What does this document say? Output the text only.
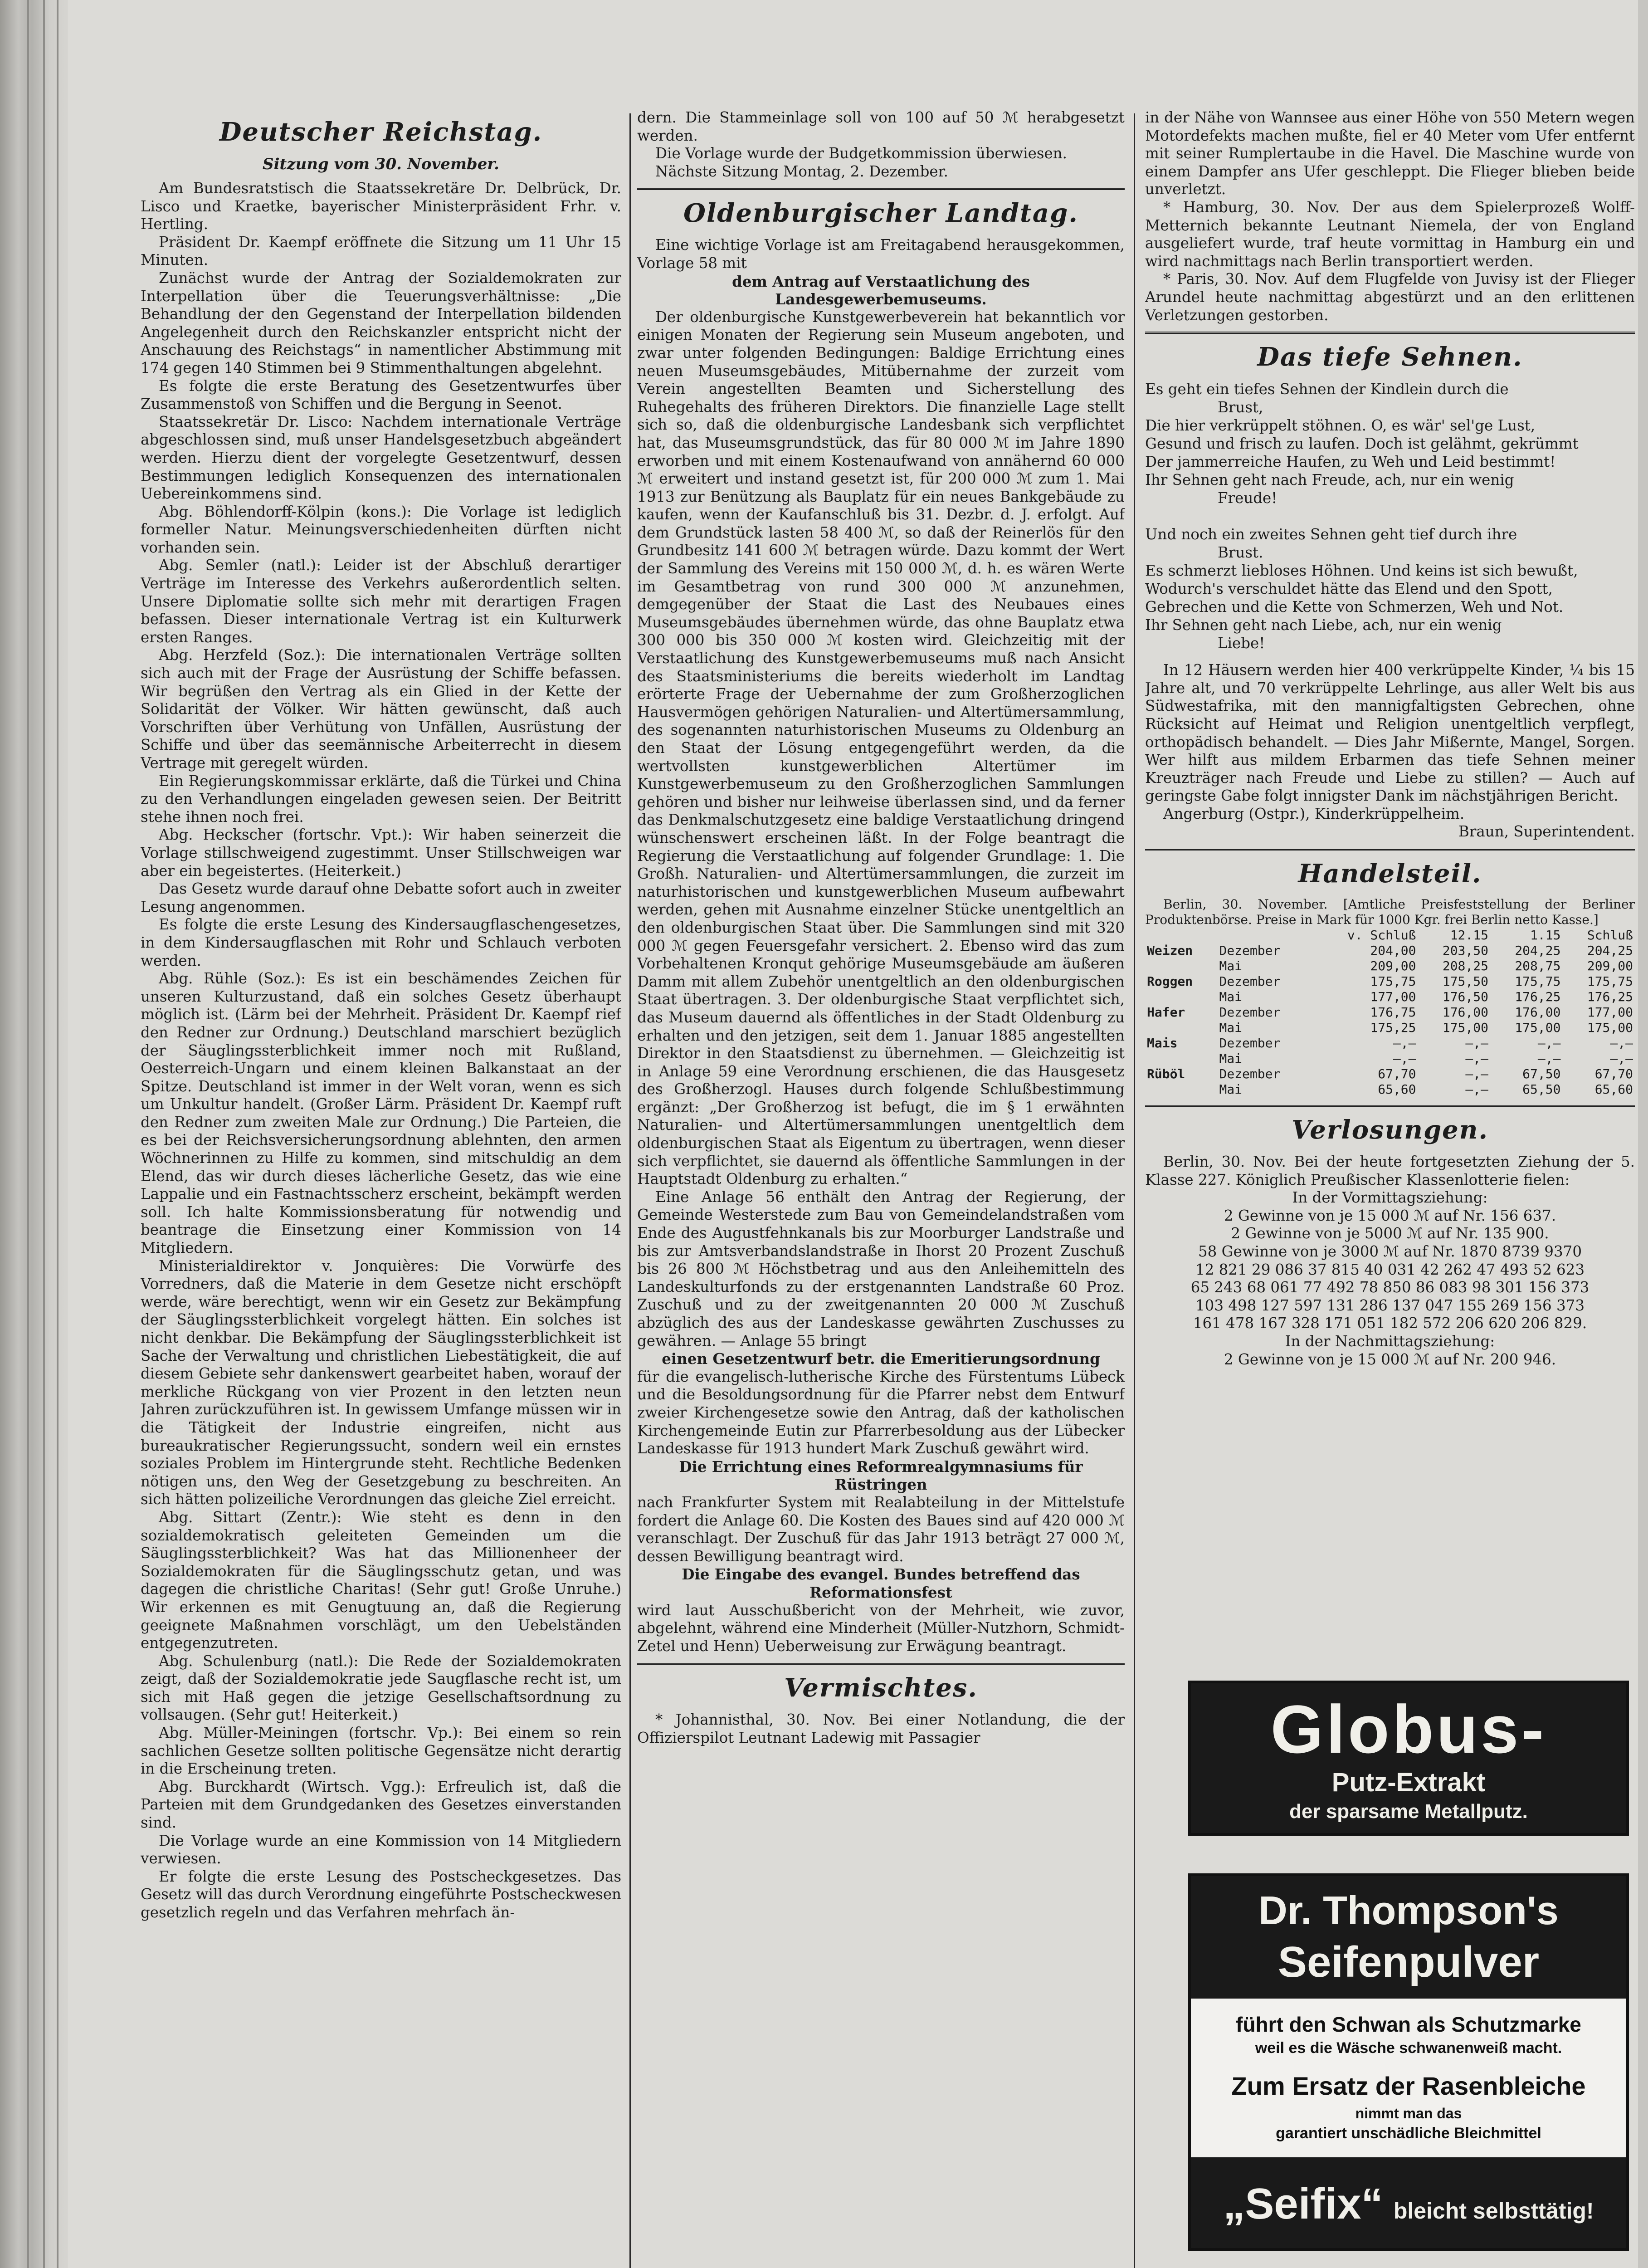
Deutscher Reichstag.
Sitzung vom 30. November.

Am Bundesratstisch die Staatssekretäre Dr. Delbrück, Dr. Lisco und Kraetke, bayerischer Ministerpräsident Frhr. v. Hertling.

Präsident Dr. Kaempf eröffnete die Sitzung um 11 Uhr 15 Minuten.

Zunächst wurde der Antrag der Sozialdemokraten zur Interpellation über die Teuerungsverhältnisse: „Die Behandlung der den Gegenstand der Interpellation bildenden Angelegenheit durch den Reichskanzler entspricht nicht der Anschauung des Reichstags“ in namentlicher Abstimmung mit 174 gegen 140 Stimmen bei 9 Stimmenthaltungen abgelehnt.

Es folgte die erste Beratung des Gesetzentwurfes über Zusammenstoß von Schiffen und die Bergung in Seenot.

Staatssekretär Dr. Lisco: Nachdem internationale Verträge abgeschlossen sind, muß unser Handelsgesetzbuch abgeändert werden. Hierzu dient der vorgelegte Gesetzentwurf, dessen Bestimmungen lediglich Konsequenzen des internationalen Uebereinkommens sind.

Abg. Böhlendorff-Kölpin (kons.): Die Vorlage ist lediglich formeller Natur. Meinungsverschiedenheiten dürften nicht vorhanden sein.

Abg. Semler (natl.): Leider ist der Abschluß derartiger Verträge im Interesse des Verkehrs außerordentlich selten. Unsere Diplomatie sollte sich mehr mit derartigen Fragen befassen. Dieser internationale Vertrag ist ein Kulturwerk ersten Ranges.

Abg. Herzfeld (Soz.): Die internationalen Verträge sollten sich auch mit der Frage der Ausrüstung der Schiffe befassen. Wir begrüßen den Vertrag als ein Glied in der Kette der Solidarität der Völker. Wir hätten gewünscht, daß auch Vorschriften über Verhütung von Unfällen, Ausrüstung der Schiffe und über das seemännische Arbeiterrecht in diesem Vertrage mit geregelt würden.

Ein Regierungskommissar erklärte, daß die Türkei und China zu den Verhandlungen eingeladen gewesen seien. Der Beitritt stehe ihnen noch frei.

Abg. Heckscher (fortschr. Vpt.): Wir haben seinerzeit die Vorlage stillschweigend zugestimmt. Unser Stillschweigen war aber ein begeistertes. (Heiterkeit.)

Das Gesetz wurde darauf ohne Debatte sofort auch in zweiter Lesung angenommen.

Es folgte die erste Lesung des Kindersaugflaschengesetzes, in dem Kindersaugflaschen mit Rohr und Schlauch verboten werden.

Abg. Rühle (Soz.): Es ist ein beschämendes Zeichen für unseren Kulturzustand, daß ein solches Gesetz überhaupt möglich ist. (Lärm bei der Mehrheit. Präsident Dr. Kaempf rief den Redner zur Ordnung.) Deutschland marschiert bezüglich der Säuglingssterblichkeit immer noch mit Rußland, Oesterreich-Ungarn und einem kleinen Balkanstaat an der Spitze. Deutschland ist immer in der Welt voran, wenn es sich um Unkultur handelt. (Großer Lärm. Präsident Dr. Kaempf ruft den Redner zum zweiten Male zur Ordnung.) Die Parteien, die es bei der Reichsversicherungsordnung ablehnten, den armen Wöchnerinnen zu Hilfe zu kommen, sind mitschuldig an dem Elend, das wir durch dieses lächerliche Gesetz, das wie eine Lappalie und ein Fastnachtsscherz erscheint, bekämpft werden soll. Ich halte Kommissionsberatung für notwendig und beantrage die Einsetzung einer Kommission von 14 Mitgliedern.

Ministerialdirektor v. Jonquières: Die Vorwürfe des Vorredners, daß die Materie in dem Gesetze nicht erschöpft werde, wäre berechtigt, wenn wir ein Gesetz zur Bekämpfung der Säuglingssterblichkeit vorgelegt hätten. Ein solches ist nicht denkbar. Die Bekämpfung der Säuglingssterblichkeit ist Sache der Verwaltung und christlichen Liebestätigkeit, die auf diesem Gebiete sehr dankenswert gearbeitet haben, worauf der merkliche Rückgang von vier Prozent in den letzten neun Jahren zurückzuführen ist. In gewissem Umfange müssen wir in die Tätigkeit der Industrie eingreifen, nicht aus bureaukratischer Regierungssucht, sondern weil ein ernstes soziales Problem im Hintergrunde steht. Rechtliche Bedenken nötigen uns, den Weg der Gesetzgebung zu beschreiten. An sich hätten polizeiliche Verordnungen das gleiche Ziel erreicht.

Abg. Sittart (Zentr.): Wie steht es denn in den sozialdemokratisch geleiteten Gemeinden um die Säuglingssterblichkeit? Was hat das Millionenheer der Sozialdemokraten für die Säuglingsschutz getan, und was dagegen die christliche Charitas! (Sehr gut! Große Unruhe.) Wir erkennen es mit Genugtuung an, daß die Regierung geeignete Maßnahmen vorschlägt, um den Uebelständen entgegenzutreten.

Abg. Schulenburg (natl.): Die Rede der Sozialdemokraten zeigt, daß der Sozialdemokratie jede Saugflasche recht ist, um sich mit Haß gegen die jetzige Gesellschaftsordnung zu vollsaugen. (Sehr gut! Heiterkeit.)

Abg. Müller-Meiningen (fortschr. Vp.): Bei einem so rein sachlichen Gesetze sollten politische Gegensätze nicht derartig in die Erscheinung treten.

Abg. Burckhardt (Wirtsch. Vgg.): Erfreulich ist, daß die Parteien mit dem Grundgedanken des Gesetzes einverstanden sind.

Die Vorlage wurde an eine Kommission von 14 Mitgliedern verwiesen.

Er folgte die erste Lesung des Postscheckgesetzes. Das Gesetz will das durch Verordnung eingeführte Postscheckwesen gesetzlich regeln und das Verfahren mehrfach än-

dern. Die Stammeinlage soll von 100 auf 50 ℳ herabgesetzt werden.

Die Vorlage wurde der Budgetkommission überwiesen.

Nächste Sitzung Montag, 2. Dezember.

Oldenburgischer Landtag.

Eine wichtige Vorlage ist am Freitagabend herausgekommen, Vorlage 58 mit

dem Antrag auf Verstaatlichung des Landesgewerbemuseums.

Der oldenburgische Kunstgewerbeverein hat bekanntlich vor einigen Monaten der Regierung sein Museum angeboten, und zwar unter folgenden Bedingungen: Baldige Errichtung eines neuen Museumsgebäudes, Mitübernahme der zurzeit vom Verein angestellten Beamten und Sicherstellung des Ruhegehalts des früheren Direktors. Die finanzielle Lage stellt sich so, daß die oldenburgische Landesbank sich verpflichtet hat, das Museumsgrundstück, das für 80 000 ℳ im Jahre 1890 erworben und mit einem Kostenaufwand von annähernd 60 000 ℳ erweitert und instand gesetzt ist, für 200 000 ℳ zum 1. Mai 1913 zur Benützung als Bauplatz für ein neues Bankgebäude zu kaufen, wenn der Kaufanschluß bis 31. Dezbr. d. J. erfolgt. Auf dem Grundstück lasten 58 400 ℳ, so daß der Reinerlös für den Grundbesitz 141 600 ℳ betragen würde. Dazu kommt der Wert der Sammlung des Vereins mit 150 000 ℳ, d. h. es wären Werte im Gesamtbetrag von rund 300 000 ℳ anzunehmen, demgegenüber der Staat die Last des Neubaues eines Museumsgebäudes übernehmen würde, das ohne Bauplatz etwa 300 000 bis 350 000 ℳ kosten wird. Gleichzeitig mit der Verstaatlichung des Kunstgewerbemuseums muß nach Ansicht des Staatsministeriums die bereits wiederholt im Landtag erörterte Frage der Uebernahme der zum Großherzoglichen Hausvermögen gehörigen Naturalien- und Altertümersammlung, des sogenannten naturhistorischen Museums zu Oldenburg an den Staat der Lösung entgegengeführt werden, da die wertvollsten kunstgewerblichen Altertümer im Kunstgewerbemuseum zu den Großherzoglichen Sammlungen gehören und bisher nur leihweise überlassen sind, und da ferner das Denkmalschutzgesetz eine baldige Verstaatlichung dringend wünschenswert erscheinen läßt. In der Folge beantragt die Regierung die Verstaatlichung auf folgender Grundlage: 1. Die Großh. Naturalien- und Altertümersammlungen, die zurzeit im naturhistorischen und kunstgewerblichen Museum aufbewahrt werden, gehen mit Ausnahme einzelner Stücke unentgeltlich an den oldenburgischen Staat über. Die Sammlungen sind mit 320 000 ℳ gegen Feuersgefahr versichert. 2. Ebenso wird das zum Vorbehaltenen Kronqut gehörige Museumsgebäude am äußeren Damm mit allem Zubehör unentgeltlich an den oldenburgischen Staat übertragen. 3. Der oldenburgische Staat verpflichtet sich, das Museum dauernd als öffentliches in der Stadt Oldenburg zu erhalten und den jetzigen, seit dem 1. Januar 1885 angestellten Direktor in den Staatsdienst zu übernehmen. — Gleichzeitig ist in Anlage 59 eine Verordnung erschienen, die das Hausgesetz des Großherzogl. Hauses durch folgende Schlußbestimmung ergänzt: „Der Großherzog ist befugt, die im § 1 erwähnten Naturalien- und Altertümersammlungen unentgeltlich dem oldenburgischen Staat als Eigentum zu übertragen, wenn dieser sich verpflichtet, sie dauernd als öffentliche Sammlungen in der Hauptstadt Oldenburg zu erhalten.“

Eine Anlage 56 enthält den Antrag der Regierung, der Gemeinde Westerstede zum Bau von Gemeindelandstraßen vom Ende des Augustfehnkanals bis zur Moorburger Landstraße und bis zur Amtsverbandslandstraße in Ihorst 20 Prozent Zuschuß bis 26 800 ℳ Höchstbetrag und aus den Anleihemitteln des Landeskulturfonds zu der erstgenannten Landstraße 60 Proz. Zuschuß und zu der zweitgenannten 20 000 ℳ Zuschuß abzüglich des aus der Landeskasse gewährten Zuschusses zu gewähren. — Anlage 55 bringt

einen Gesetzentwurf betr. die Emeritierungsordnung

für die evangelisch-lutherische Kirche des Fürstentums Lübeck und die Besoldungsordnung für die Pfarrer nebst dem Entwurf zweier Kirchengesetze sowie den Antrag, daß der katholischen Kirchengemeinde Eutin zur Pfarrerbesoldung aus der Lübecker Landeskasse für 1913 hundert Mark Zuschuß gewährt wird.

Die Errichtung eines Reformrealgymnasiums für Rüstringen

nach Frankfurter System mit Realabteilung in der Mittelstufe fordert die Anlage 60. Die Kosten des Baues sind auf 420 000 ℳ veranschlagt. Der Zuschuß für das Jahr 1913 beträgt 27 000 ℳ, dessen Bewilligung beantragt wird.

Die Eingabe des evangel. Bundes betreffend das Reformationsfest

wird laut Ausschußbericht von der Mehrheit, wie zuvor, abgelehnt, während eine Minderheit (Müller-Nutzhorn, Schmidt-Zetel und Henn) Ueberweisung zur Erwägung beantragt.

Vermischtes.

* Johannisthal, 30. Nov. Bei einer Notlandung, die der Offizierspilot Leutnant Ladewig mit Passagier

in der Nähe von Wannsee aus einer Höhe von 550 Metern wegen Motordefekts machen mußte, fiel er 40 Meter vom Ufer entfernt mit seiner Rumplertaube in die Havel. Die Maschine wurde von einem Dampfer ans Ufer geschleppt. Die Flieger blieben beide unverletzt.

* Hamburg, 30. Nov. Der aus dem Spielerprozeß Wolff-Metternich bekannte Leutnant Niemela, der von England ausgeliefert wurde, traf heute vormittag in Hamburg ein und wird nachmittags nach Berlin transportiert werden.

* Paris, 30. Nov. Auf dem Flugfelde von Juvisy ist der Flieger Arundel heute nachmittag abgestürzt und an den erlittenen Verletzungen gestorben.

Das tiefe Sehnen.

Es geht ein tiefes Sehnen der Kindlein durch die

Brust,

Die hier verkrüppelt stöhnen. O, es wär' sel'ge Lust,

Gesund und frisch zu laufen. Doch ist gelähmt, gekrümmt

Der jammerreiche Haufen, zu Weh und Leid bestimmt!

Ihr Sehnen geht nach Freude, ach, nur ein wenig

Freude!

Und noch ein zweites Sehnen geht tief durch ihre

Brust.

Es schmerzt liebloses Höhnen. Und keins ist sich bewußt,

Wodurch's verschuldet hätte das Elend und den Spott,

Gebrechen und die Kette von Schmerzen, Weh und Not.

Ihr Sehnen geht nach Liebe, ach, nur ein wenig

Liebe!

In 12 Häusern werden hier 400 verkrüppelte Kinder, ¼ bis 15 Jahre alt, und 70 verkrüppelte Lehrlinge, aus aller Welt bis aus Südwestafrika, mit den mannigfaltigsten Gebrechen, ohne Rücksicht auf Heimat und Religion unentgeltlich verpflegt, orthopädisch behandelt. — Dies Jahr Mißernte, Mangel, Sorgen. Wer hilft aus mildem Erbarmen das tiefe Sehnen meiner Kreuzträger nach Freude und Liebe zu stillen? — Auch auf geringste Gabe folgt innigster Dank im nächstjährigen Bericht.

Angerburg (Ostpr.), Kinderkrüppelheim.

Braun, Superintendent.

Handelsteil.

Berlin, 30. November. [Amtliche Preisfeststellung der Berliner Produktenbörse. Preise in Mark für 1000 Kgr. frei Berlin netto Kasse.]

		v. Schluß	12.15	1.15	Schluß
Weizen	Dezember	204,00	203,50	204,25	204,25
	Mai	209,00	208,25	208,75	209,00
Roggen	Dezember	175,75	175,50	175,75	175,75
	Mai	177,00	176,50	176,25	176,25
Hafer	Dezember	176,75	176,00	176,00	177,00
	Mai	175,25	175,00	175,00	175,00
Mais	Dezember	—,—	—,—	—,—	—,—
	Mai	—,—	—,—	—,—	—,—
Rüböl	Dezember	67,70	—,—	67,50	67,70
	Mai	65,60	—,—	65,50	65,60
Verlosungen.

Berlin, 30. Nov. Bei der heute fortgesetzten Ziehung der 5. Klasse 227. Königlich Preußischer Klassenlotterie fielen:

In der Vormittagsziehung:

2 Gewinne von je 15 000 ℳ auf Nr. 156 637.

2 Gewinne von je 5000 ℳ auf Nr. 135 900.

58 Gewinne von je 3000 ℳ auf Nr. 1870 8739 9370

12 821 29 086 37 815 40 031 42 262 47 493 52 623

65 243 68 061 77 492 78 850 86 083 98 301 156 373

103 498 127 597 131 286 137 047 155 269 156 373

161 478 167 328 171 051 182 572 206 620 206 829.

In der Nachmittagsziehung:

2 Gewinne von je 15 000 ℳ auf Nr. 200 946.

Globus-
Putz-Extrakt
der sparsame Metallputz.
Dr. Thompson's
Seifenpulver
führt den Schwan als Schutzmarke
weil es die Wäsche schwanenweiß macht.
Zum Ersatz der Rasenbleiche
nimmt man das
garantiert unschädliche Bleichmittel
„Seifix“ bleicht selbsttätig!
